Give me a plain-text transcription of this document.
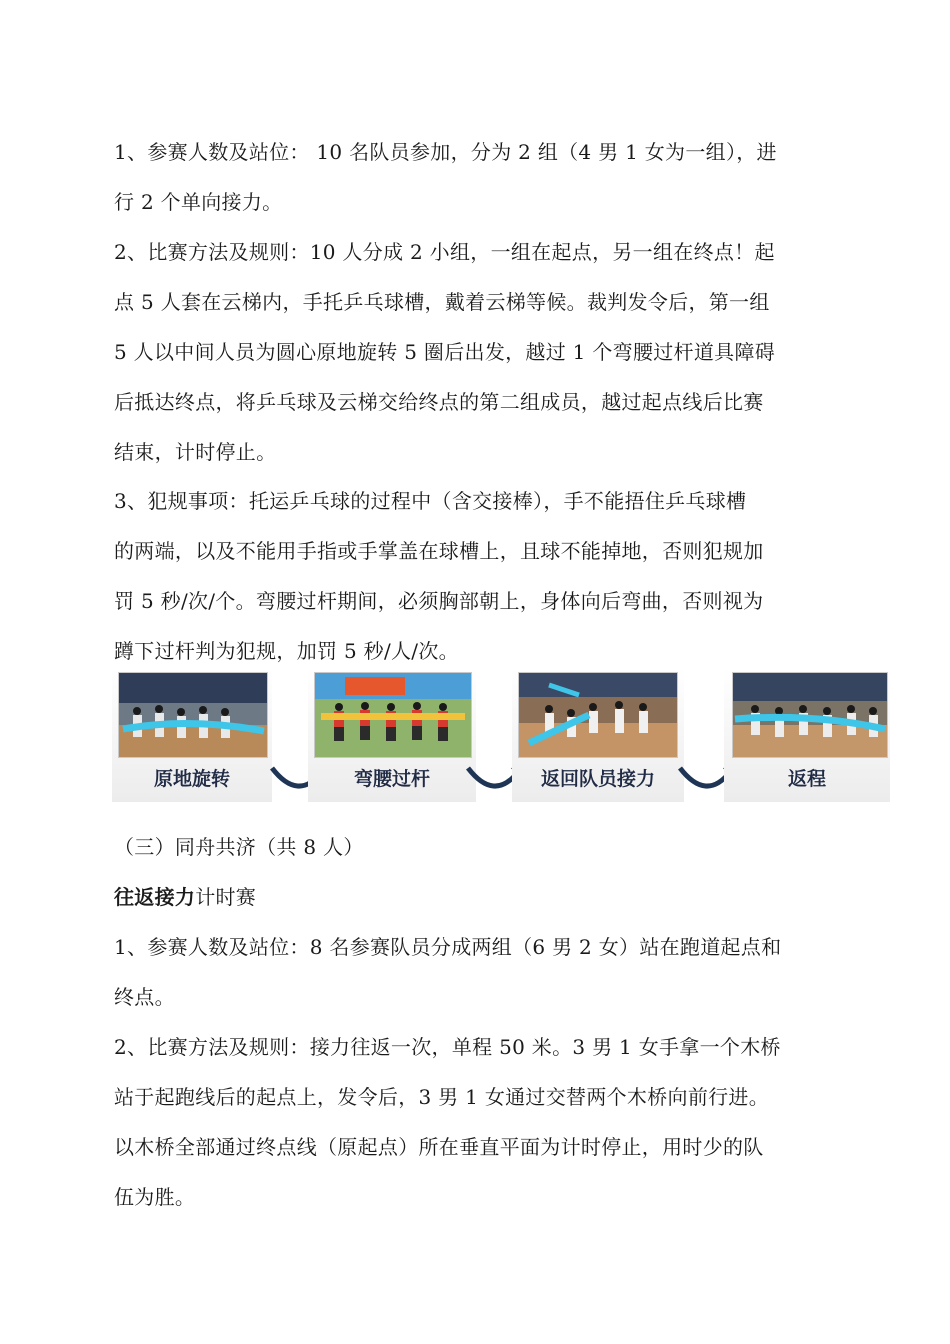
1、参赛人数及站位： 10 名队员参加，分为 2 组（4 男 1 女为一组），进
行 2 个单向接力。

2、比赛方法及规则：10 人分成 2 小组，一组在起点，另一组在终点！起
点 5 人套在云梯内，手托乒乓球槽，戴着云梯等候。裁判发令后，第一组
5 人以中间人员为圆心原地旋转 5 圈后出发，越过 1 个弯腰过杆道具障碍
后抵达终点，将乒乓球及云梯交给终点的第二组成员，越过起点线后比赛
结束，计时停止。

3、犯规事项：托运乒乓球的过程中（含交接棒），手不能捂住乒乓球槽
的两端，以及不能用手指或手掌盖在球槽上，且球不能掉地，否则犯规加
罚 5 秒/次/个。弯腰过杆期间，必须胸部朝上，身体向后弯曲，否则视为
蹲下过杆判为犯规，加罚 5 秒/人/次。

原地旋转	弯腰过杆	返回队员接力	返程

（三）同舟共济（共 8 人）

往返接力计时赛

1、参赛人数及站位：8 名参赛队员分成两组（6 男 2 女）站在跑道起点和
终点。

2、比赛方法及规则：接力往返一次，单程 50 米。3 男 1 女手拿一个木桥
站于起跑线后的起点上，发令后，3 男 1 女通过交替两个木桥向前行进。
以木桥全部通过终点线（原起点）所在垂直平面为计时停止，用时少的队
伍为胜。
